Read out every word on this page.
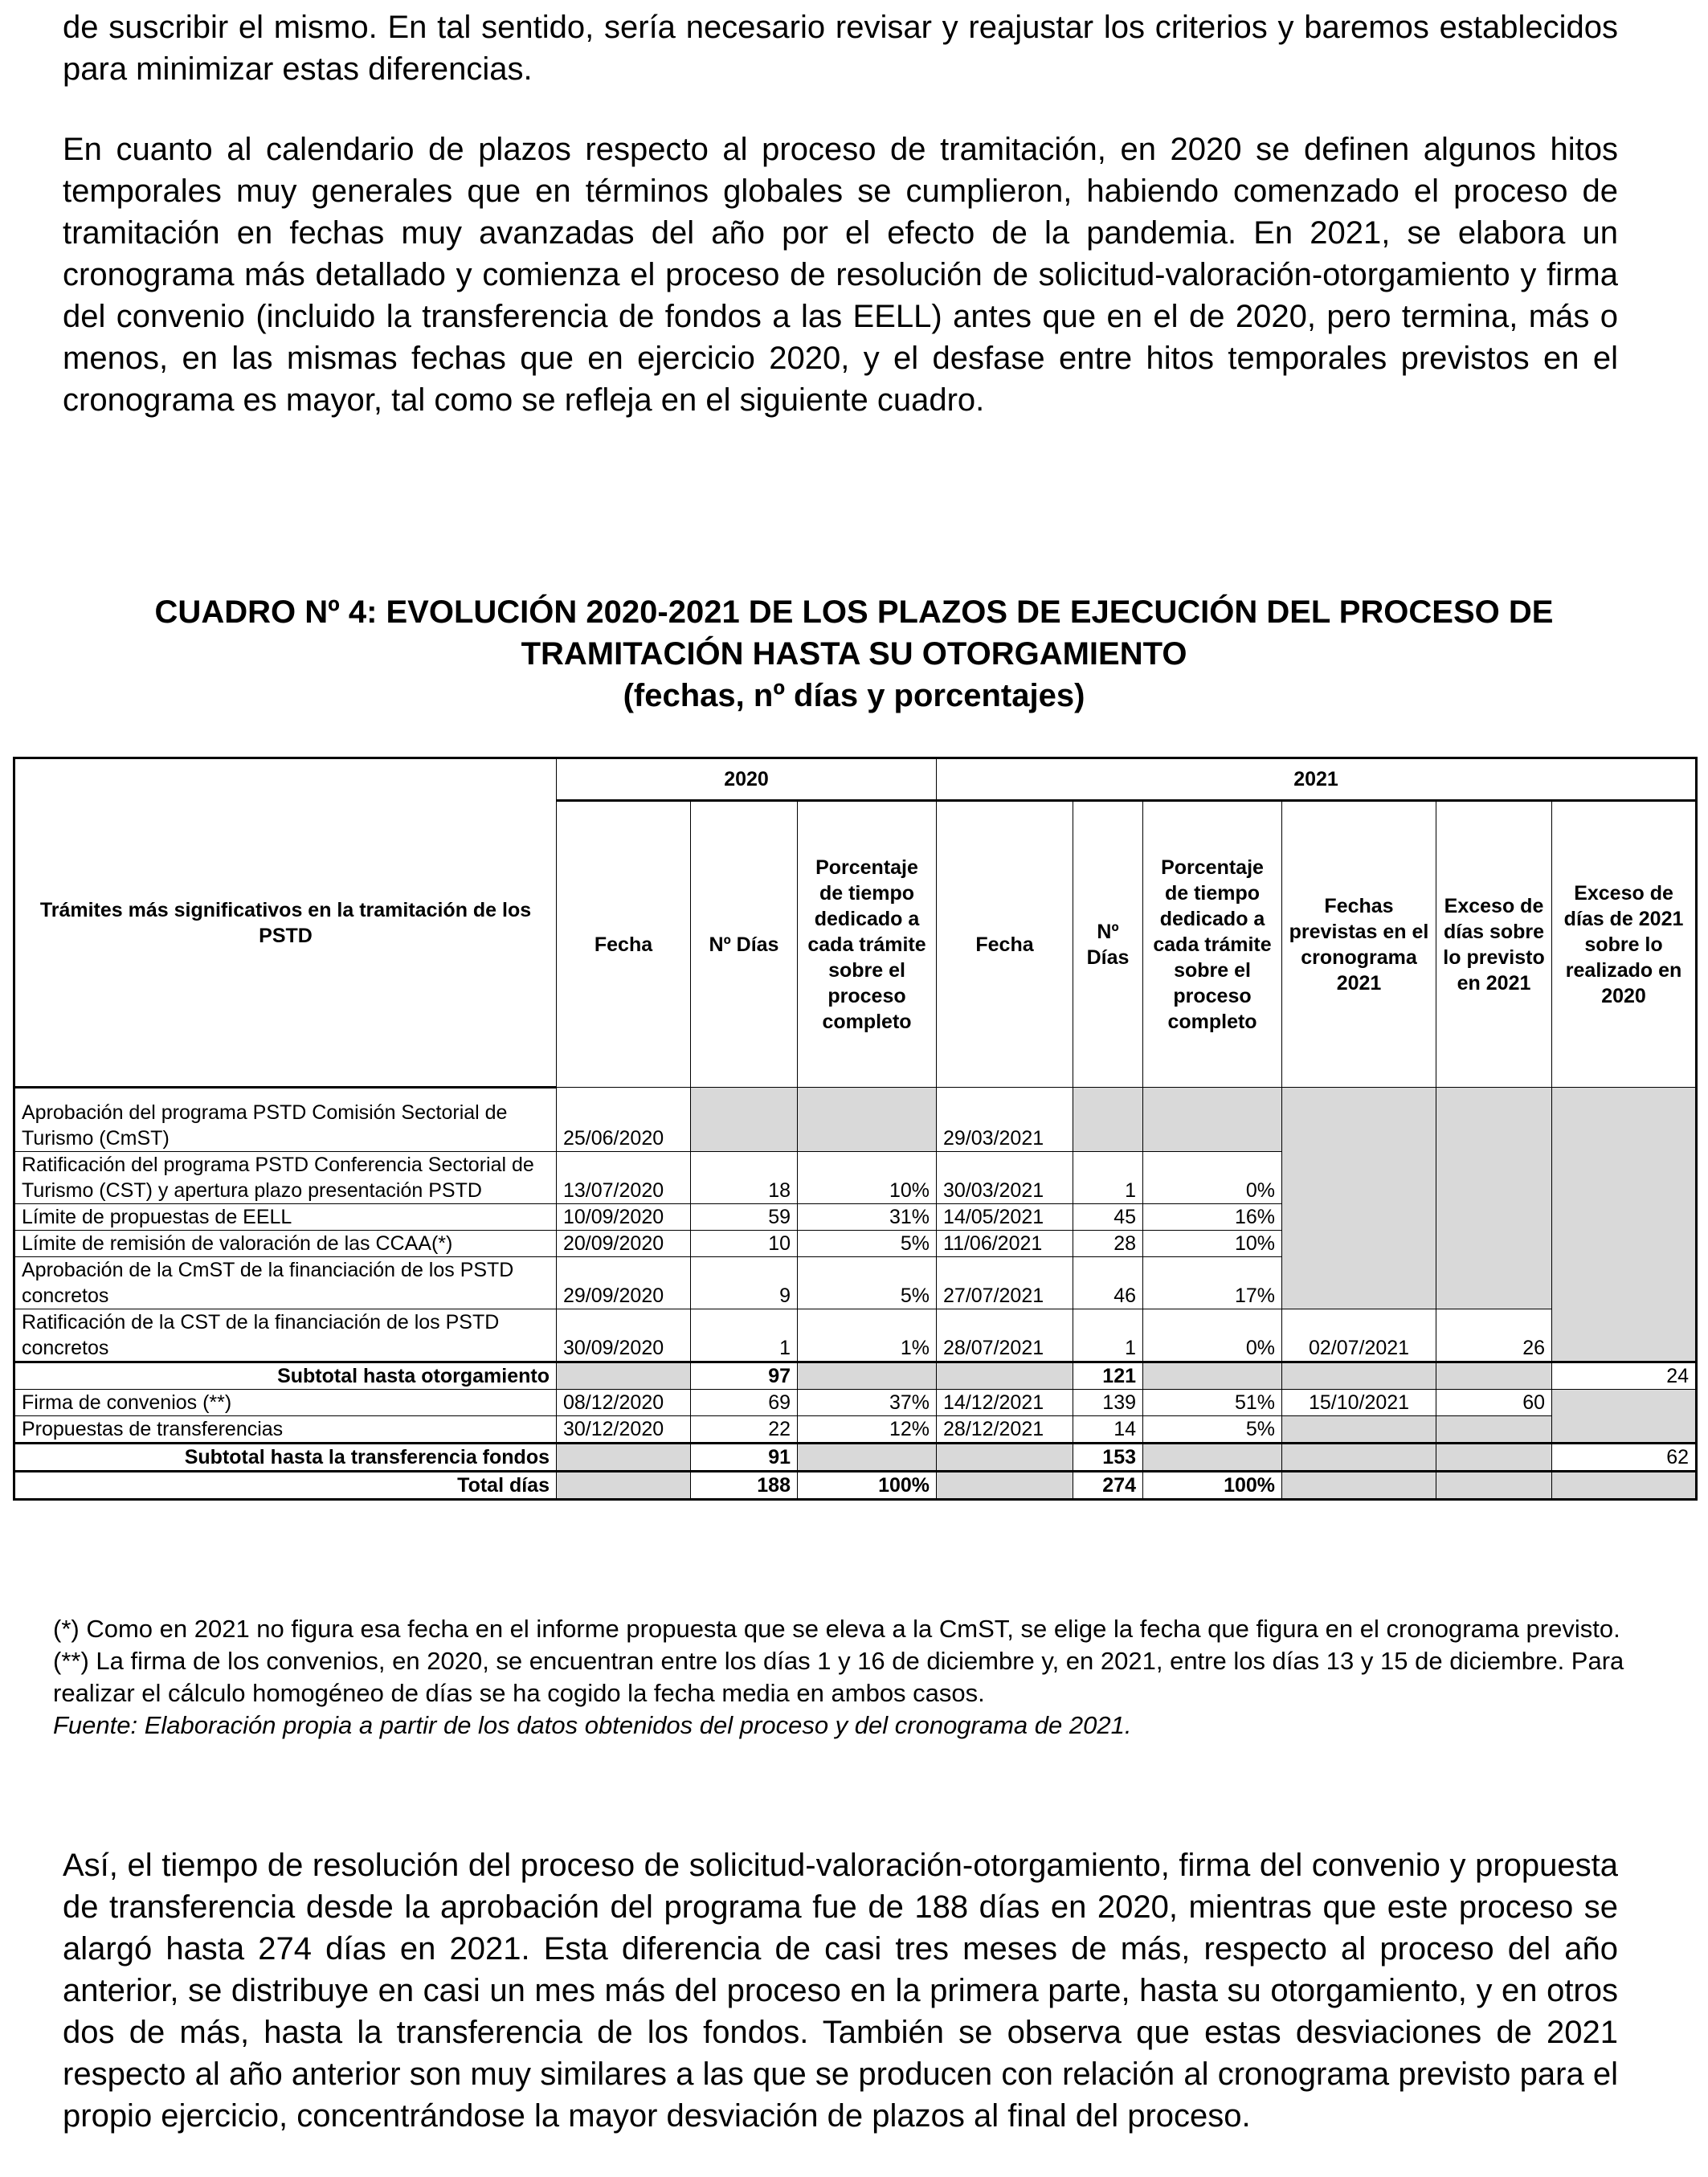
de suscribir el mismo. En tal sentido, sería necesario revisar y reajustar los criterios y baremos establecidos para minimizar estas diferencias.

En cuanto al calendario de plazos respecto al proceso de tramitación, en 2020 se definen algunos hitos temporales muy generales que en términos globales se cumplieron, habiendo comenzado el proceso de tramitación en fechas muy avanzadas del año por el efecto de la pandemia. En 2021, se elabora un cronograma más detallado y comienza el proceso de resolución de solicitud-valoración-otorgamiento y firma del convenio (incluido la transferencia de fondos a las EELL) antes que en el de 2020, pero termina, más o menos, en las mismas fechas que en ejercicio 2020, y el desfase entre hitos temporales previstos en el cronograma es mayor, tal como se refleja en el siguiente cuadro.

CUADRO Nº 4: EVOLUCIÓN 2020-2021 DE LOS PLAZOS DE EJECUCIÓN DEL PROCESO DE
TRAMITACIÓN HASTA SU OTORGAMIENTO
(fechas, nº días y porcentajes)
Trámites más significativos en la tramitación de los PSTD	2020			2021					
	Fecha	Nº Días	Porcentaje de tiempo dedicado a cada trámite sobre el proceso completo	Fecha	Nº Días	Porcentaje de tiempo dedicado a cada trámite sobre el proceso completo	Fechas previstas en el cronograma 2021	Exceso de días sobre lo previsto en 2021	Exceso de días de 2021 sobre lo realizado en 2020
Aprobación del programa PSTD Comisión Sectorial de Turismo (CmST)	25/06/2020			29/03/2021					
Ratificación del programa PSTD Conferencia Sectorial de Turismo (CST) y apertura plazo presentación PSTD	13/07/2020	18	10%	30/03/2021	1	0%			
Límite de propuestas de EELL	10/09/2020	59	31%	14/05/2021	45	16%			
Límite de remisión de valoración de las CCAA(*)	20/09/2020	10	5%	11/06/2021	28	10%			
Aprobación de la CmST de la financiación de los PSTD concretos	29/09/2020	9	5%	27/07/2021	46	17%			
Ratificación de la CST de la financiación de los PSTD concretos	30/09/2020	1	1%	28/07/2021	1	0%	02/07/2021	26	
Subtotal hasta otorgamiento		97			121				24
Firma de convenios (**)	08/12/2020	69	37%	14/12/2021	139	51%	15/10/2021	60	
Propuestas de transferencias	30/12/2020	22	12%	28/12/2021	14	5%			
Subtotal hasta la transferencia fondos		91			153				62
Total días		188	100%		274	100%			

(*) Como en 2021 no figura esa fecha en el informe propuesta que se eleva a la CmST, se elige la fecha que figura en el cronograma previsto.

(**) La firma de los convenios, en 2020, se encuentran entre los días 1 y 16 de diciembre y, en 2021, entre los días 13 y 15 de diciembre. Para realizar el cálculo homogéneo de días se ha cogido la fecha media en ambos casos.

Fuente: Elaboración propia a partir de los datos obtenidos del proceso y del cronograma de 2021.

Así, el tiempo de resolución del proceso de solicitud-valoración-otorgamiento, firma del convenio y propuesta de transferencia desde la aprobación del programa fue de 188 días en 2020, mientras que este proceso se alargó hasta 274 días en 2021. Esta diferencia de casi tres meses de más, respecto al proceso del año anterior, se distribuye en casi un mes más del proceso en la primera parte, hasta su otorgamiento, y en otros dos de más, hasta la transferencia de los fondos. También se observa que estas desviaciones de 2021 respecto al año anterior son muy similares a las que se producen con relación al cronograma previsto para el propio ejercicio, concentrándose la mayor desviación de plazos al final del proceso.
